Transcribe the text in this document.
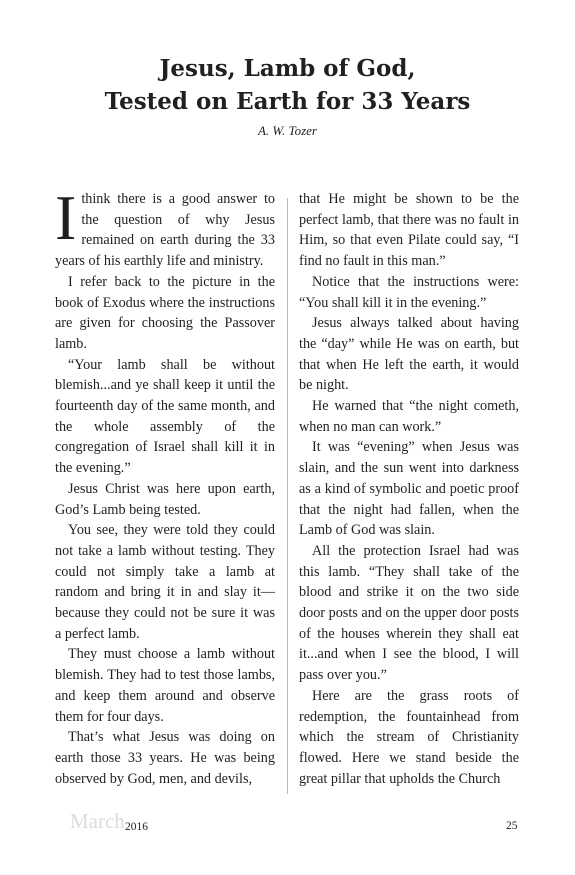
Jesus, Lamb of God,
Tested on Earth for 33 Years
A. W. Tozer

Ithink there is a good answer to the question of why Jesus remained on earth during the 33 years of his earthly life and ministry.

I refer back to the picture in the book of Exodus where the instructions are given for choosing the Passover lamb.

“Your lamb shall be without blemish...and ye shall keep it until the fourteenth day of the same month, and the whole assembly of the congregation of Israel shall kill it in the evening.”

Jesus Christ was here upon earth, God’s Lamb being tested.

You see, they were told they could not take a lamb without testing. They could not simply take a lamb at random and bring it in and slay it—because they could not be sure it was a perfect lamb.

They must choose a lamb without blemish. They had to test those lambs, and keep them around and observe them for four days.

That’s what Jesus was doing on earth those 33 years. He was being observed by God, men, and devils,

that He might be shown to be the perfect lamb, that there was no fault in Him, so that even Pilate could say, “I find no fault in this man.”

Notice that the instructions were: “You shall kill it in the evening.”

Jesus always talked about having the “day” while He was on earth, but that when He left the earth, it would be night.

He warned that “the night cometh, when no man can work.”

It was “evening” when Jesus was slain, and the sun went into darkness as a kind of symbolic and poetic proof that the night had fallen, when the Lamb of God was slain.

All the protection Israel had was this lamb. “They shall take of the blood and strike it on the two side door posts and on the upper door posts of the houses wherein they shall eat it...and when I see the blood, I will pass over you.”

Here are the grass roots of redemption, the fountainhead from which the stream of Christianity flowed. Here we stand beside the great pillar that upholds the Church

March 2016	25
